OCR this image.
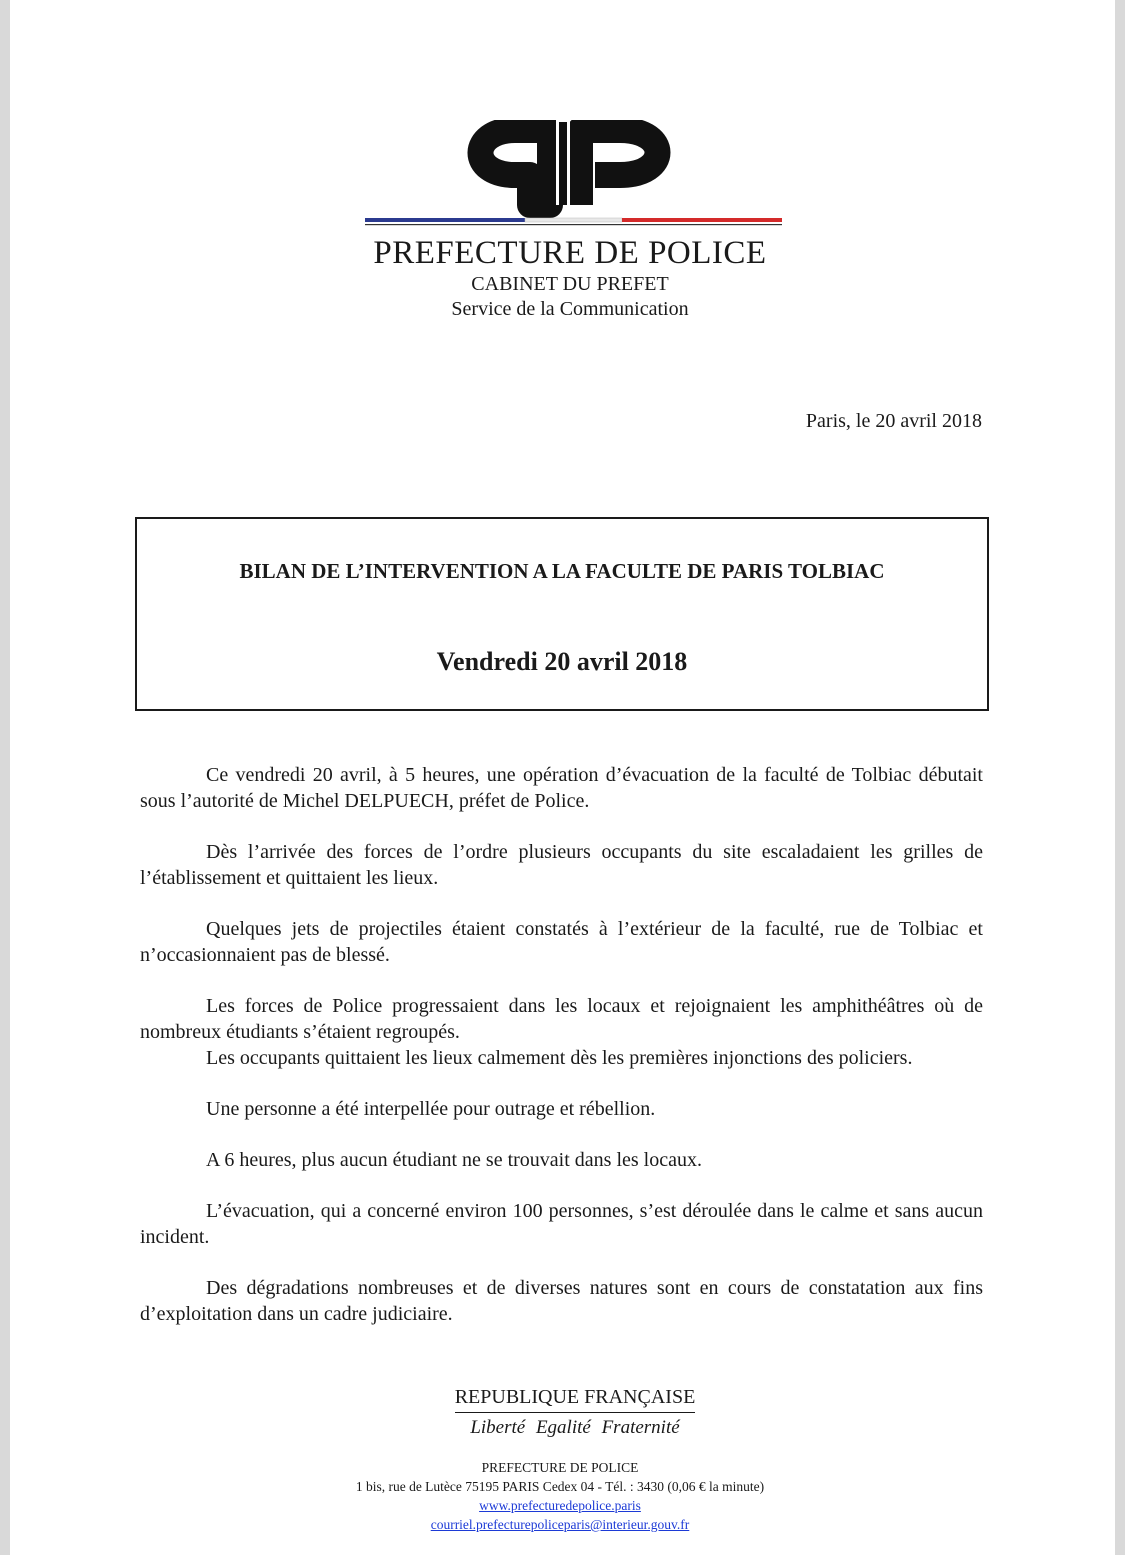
PREFECTURE DE POLICE
CABINET DU PREFET
Service de la Communication
Paris, le 20 avril 2018
BILAN DE L’INTERVENTION A LA FACULTE DE PARIS TOLBIAC
Vendredi 20 avril 2018

Ce vendredi 20 avril, à 5 heures, une opération d’évacuation de la faculté de Tolbiac débutait sous l’autorité de Michel DELPUECH, préfet de Police.

Dès l’arrivée des forces de l’ordre plusieurs occupants du site escaladaient les grilles de l’établissement et quittaient les lieux.

Quelques jets de projectiles étaient constatés à l’extérieur de la faculté, rue de Tolbiac et n’occasionnaient pas de blessé.

Les forces de Police progressaient dans les locaux et rejoignaient les amphithéâtres où de nombreux étudiants s’étaient regroupés.

Les occupants quittaient les lieux calmement dès les premières injonctions des policiers.

Une personne a été interpellée pour outrage et rébellion.

A 6 heures, plus aucun étudiant ne se trouvait dans les locaux.

L’évacuation, qui a concerné environ 100 personnes, s’est déroulée dans le calme et sans aucun incident.

Des dégradations nombreuses et de diverses natures sont en cours de constatation aux fins d’exploitation dans un cadre judiciaire.

REPUBLIQUE FRANÇAISE
Liberté Egalité Fraternité
PREFECTURE DE POLICE
1 bis, rue de Lutèce 75195 PARIS Cedex 04 - Tél. : 3430 (0,06 € la minute)
www.prefecturedepolice.paris
courriel.prefecturepoliceparis@interieur.gouv.fr
